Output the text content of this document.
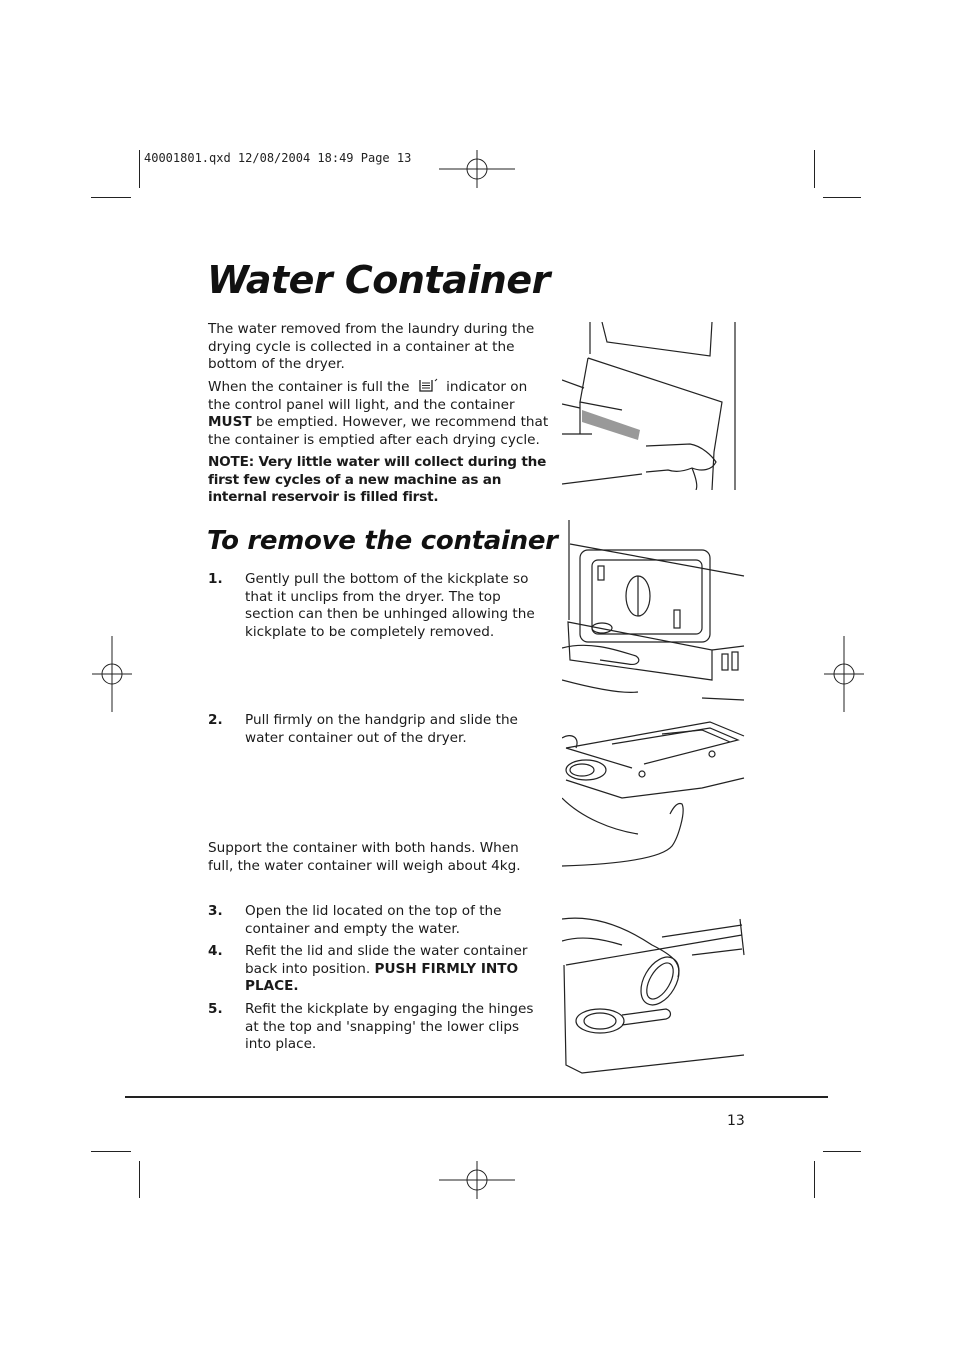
40001801.qxd 12/08/2004 18:49 Page 13
Water Container
The water removed from the laundry during the drying cycle is collected in a container at the bottom of the dryer.
When the container is full the	indicator on the control panel will light, and the container MUST be emptied. However, we recommend that the container is emptied after each drying cycle.
NOTE: Very little water will collect during the first few cycles of a new machine as an internal reservoir is filled first.
To remove the container
1. Gently pull the bottom of the kickplate so that it unclips from the dryer. The top section can then be unhinged allowing the kickplate to be completely removed.
2. Pull firmly on the handgrip and slide the water container out of the dryer.
Support the container with both hands. When full, the water container will weigh about 4kg.
3. Open the lid located on the top of the container and empty the water.
4. Refit the lid and slide the water container back into position. PUSH FIRMLY INTO PLACE.
5. Refit the kickplate by engaging the hinges at the top and 'snapping' the lower clips into place.
13
